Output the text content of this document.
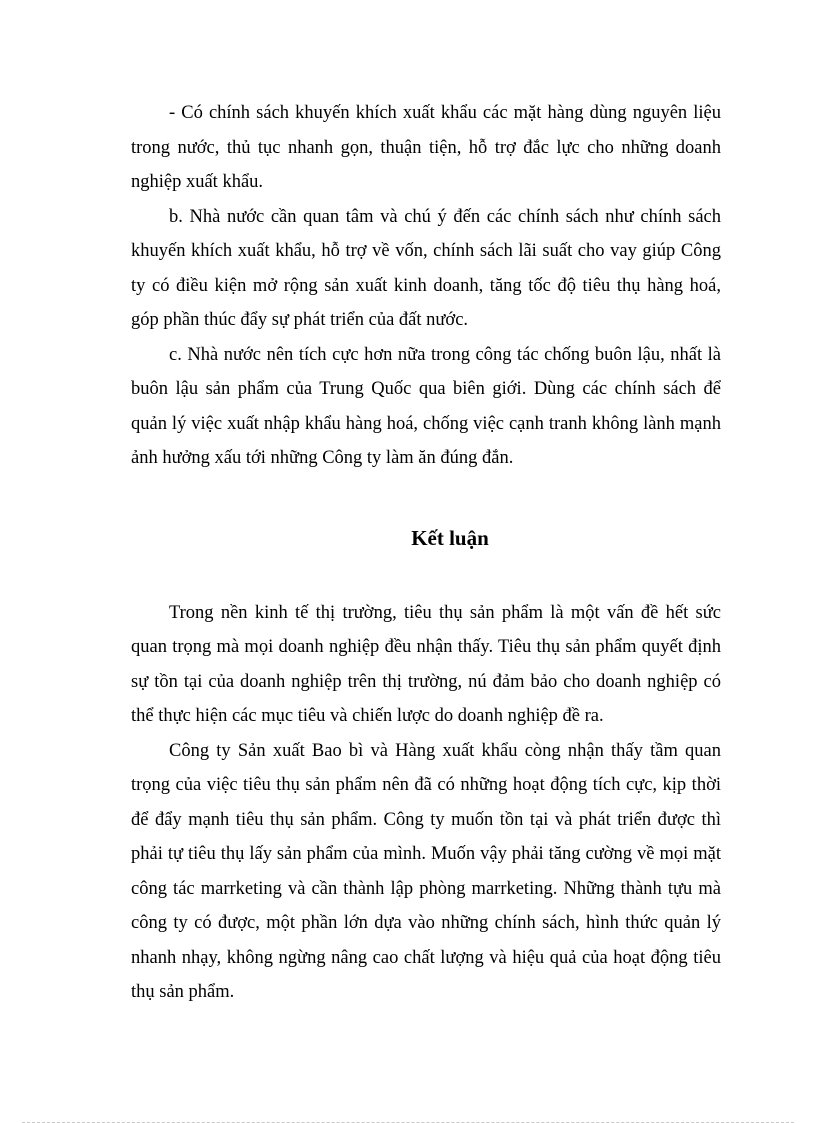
- Có chính sách khuyến khích xuất khẩu các mặt hàng dùng nguyên liệu trong nước, thủ tục nhanh gọn, thuận tiện, hỗ trợ đắc lực cho những doanh nghiệp xuất khẩu.

b. Nhà nước cần quan tâm và chú ý đến các chính sách như chính sách khuyến khích xuất khẩu, hỗ trợ về vốn, chính sách lãi suất cho vay giúp Công ty có điều kiện mở rộng sản xuất kinh doanh, tăng tốc độ tiêu thụ hàng hoá, góp phần thúc đẩy sự phát triển của đất nước.

c. Nhà nước nên tích cực hơn nữa trong công tác chống buôn lậu, nhất là buôn lậu sản phẩm của Trung Quốc qua biên giới. Dùng các chính sách để quản lý việc xuất nhập khẩu hàng hoá, chống việc cạnh tranh không lành mạnh ảnh hưởng xấu tới những Công ty làm ăn đúng đắn.

Kết luận

Trong nền kinh tế thị trường, tiêu thụ sản phẩm là một vấn đề hết sức quan trọng mà mọi doanh nghiệp đều nhận thấy. Tiêu thụ sản phẩm quyết định sự tồn tại của doanh nghiệp trên thị trường, nú đảm bảo cho doanh nghiệp có thể thực hiện các mục tiêu và chiến lược do doanh nghiệp đề ra.

Công ty Sản xuất Bao bì và Hàng xuất khẩu còng nhận thấy tầm quan trọng của việc tiêu thụ sản phẩm nên đã có những hoạt động tích cực, kịp thời để đẩy mạnh tiêu thụ sản phẩm. Công ty muốn tồn tại và phát triển được thì phải tự tiêu thụ lấy sản phẩm của mình. Muốn vậy phải tăng cường về mọi mặt công tác marrketing và cần thành lập phòng marrketing. Những thành tựu mà công ty có được, một phần lớn dựa vào những chính sách, hình thức quản lý nhanh nhạy, không ngừng nâng cao chất lượng và hiệu quả của hoạt động tiêu thụ sản phẩm.
